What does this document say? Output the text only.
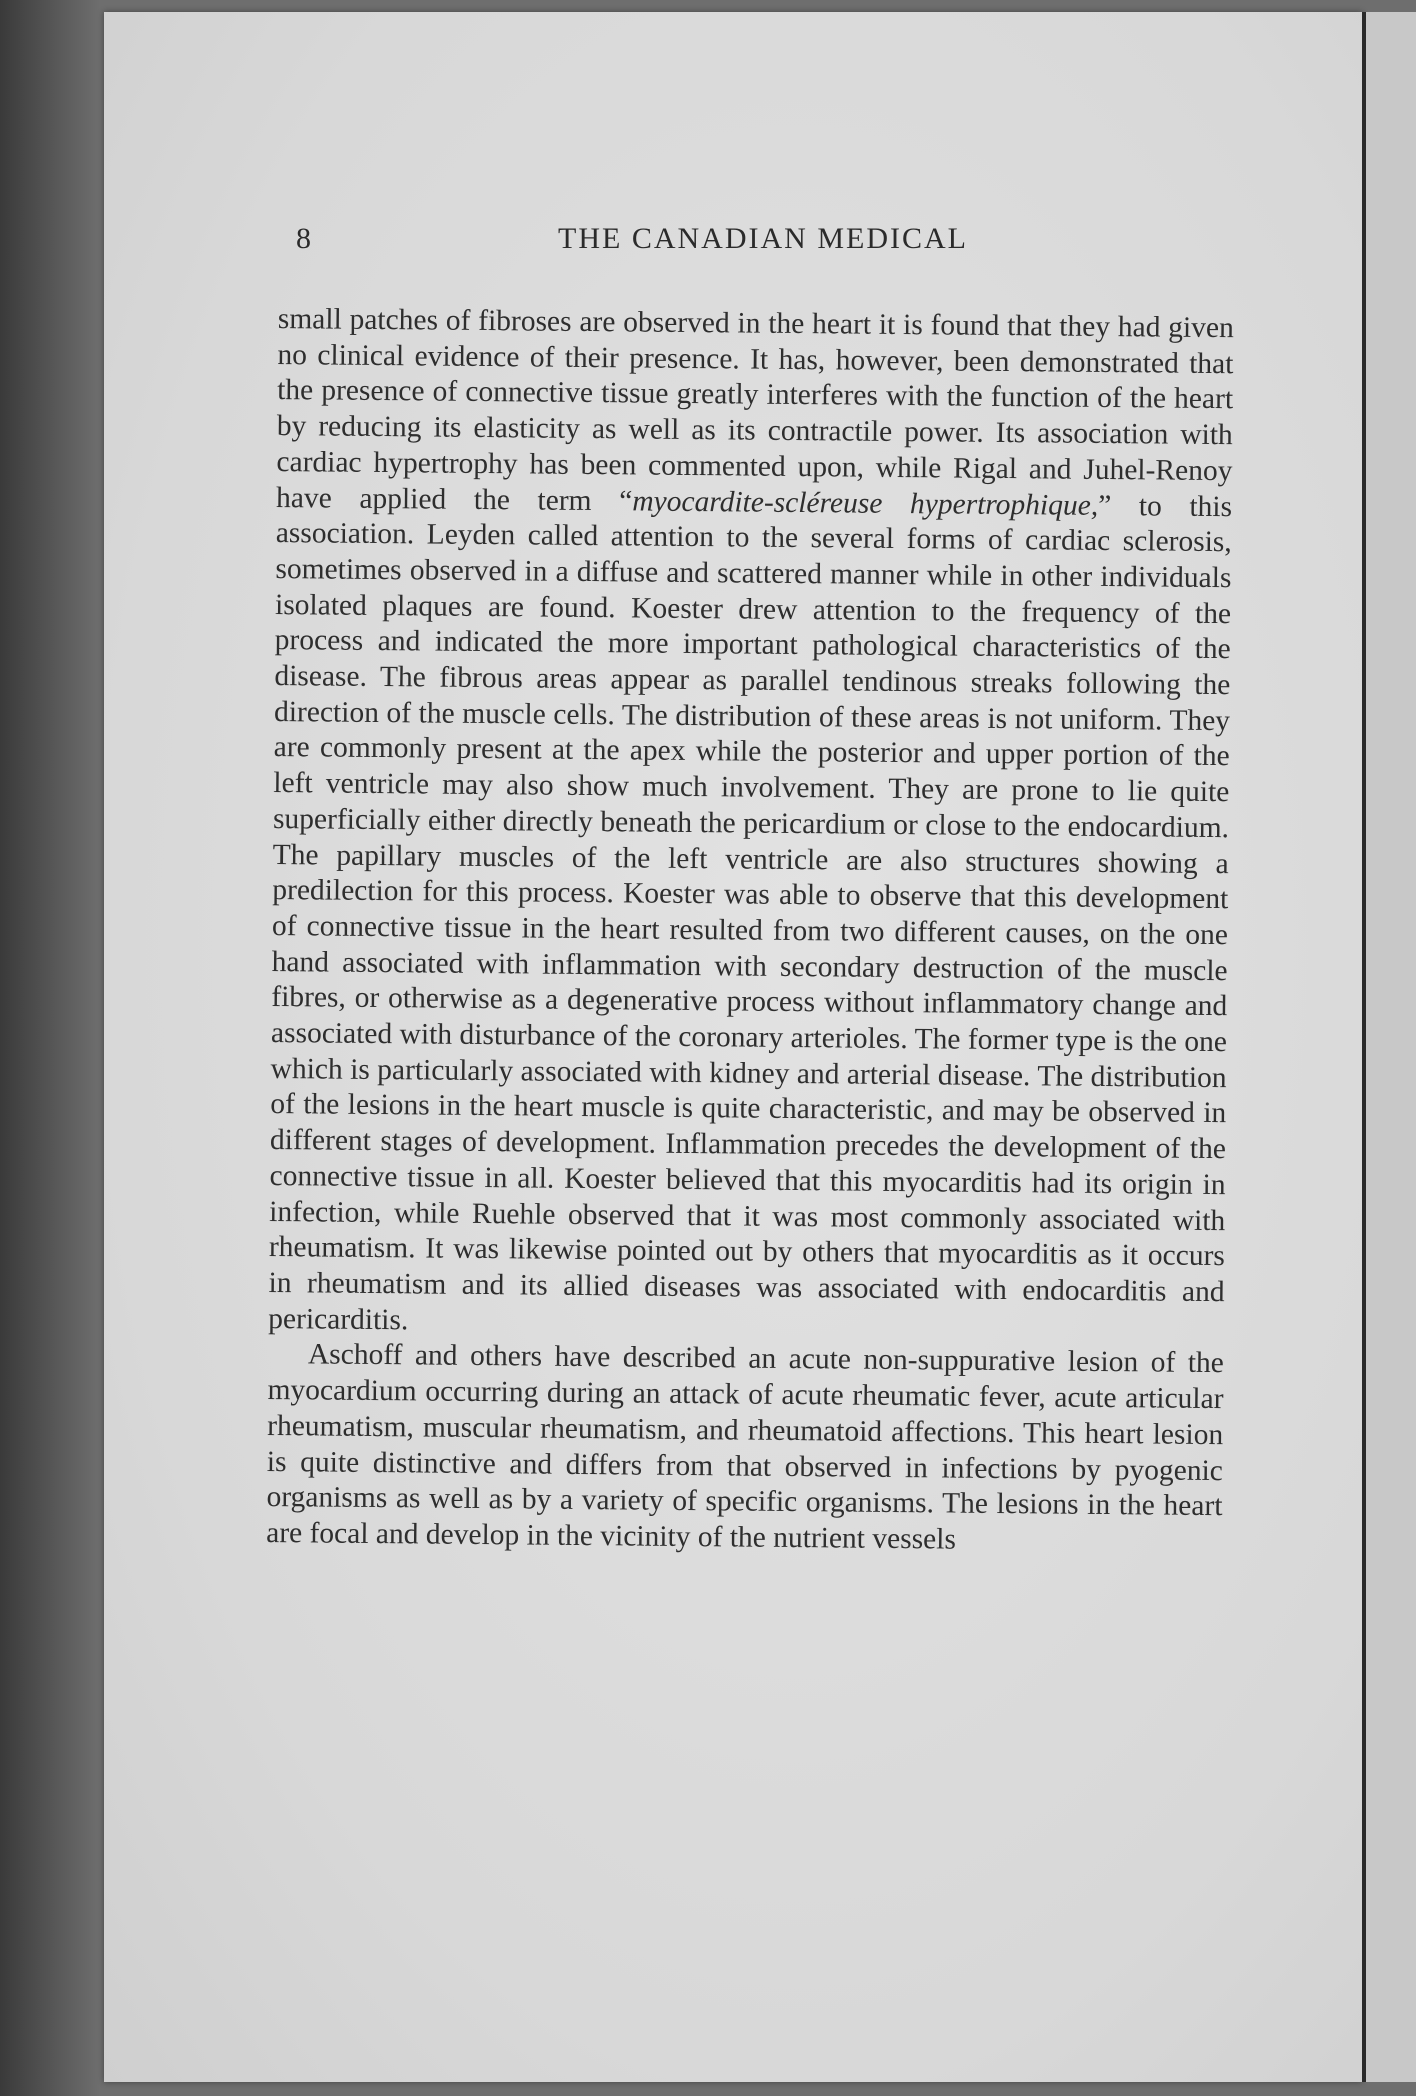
8	THE CANADIAN MEDICAL

small patches of fibroses are observed in the heart it is found that they had given no clinical evidence of their presence. It has, however, been demonstrated that the presence of connective tissue greatly interferes with the function of the heart by reducing its elasticity as well as its contractile power. Its association with cardiac hypertrophy has been commented upon, while Rigal and Juhel-Renoy have applied the term “myocardite-scléreuse hypertrophique,” to this association. Leyden called attention to the several forms of cardiac sclerosis, sometimes observed in a diffuse and scattered manner while in other individuals isolated plaques are found. Koester drew attention to the frequency of the process and indicated the more important pathological characteristics of the disease. The fibrous areas appear as parallel tendinous streaks following the direction of the muscle cells. The distribution of these areas is not uniform. They are commonly present at the apex while the posterior and upper portion of the left ventricle may also show much involvement. They are prone to lie quite superficially either directly beneath the pericardium or close to the endocardium. The papillary muscles of the left ventricle are also structures showing a predilection for this process. Koester was able to observe that this development of connective tissue in the heart resulted from two different causes, on the one hand associated with inflammation with secondary destruction of the muscle fibres, or otherwise as a degenerative process without inflammatory change and associated with disturbance of the coronary arterioles. The former type is the one which is particularly associated with kidney and arterial disease. The distribution of the lesions in the heart muscle is quite characteristic, and may be observed in different stages of development. Inflammation precedes the development of the connective tissue in all. Koester believed that this myocarditis had its origin in infection, while Ruehle observed that it was most commonly associated with rheumatism. It was likewise pointed out by others that myocarditis as it occurs in rheumatism and its allied diseases was associated with endocarditis and pericarditis.

Aschoff and others have described an acute non-suppurative lesion of the myocardium occurring during an attack of acute rheumatic fever, acute articular rheumatism, muscular rheumatism, and rheumatoid affections. This heart lesion is quite distinctive and differs from that observed in infections by pyogenic organisms as well as by a variety of specific organisms. The lesions in the heart are focal and develop in the vicinity of the nutrient vessels
